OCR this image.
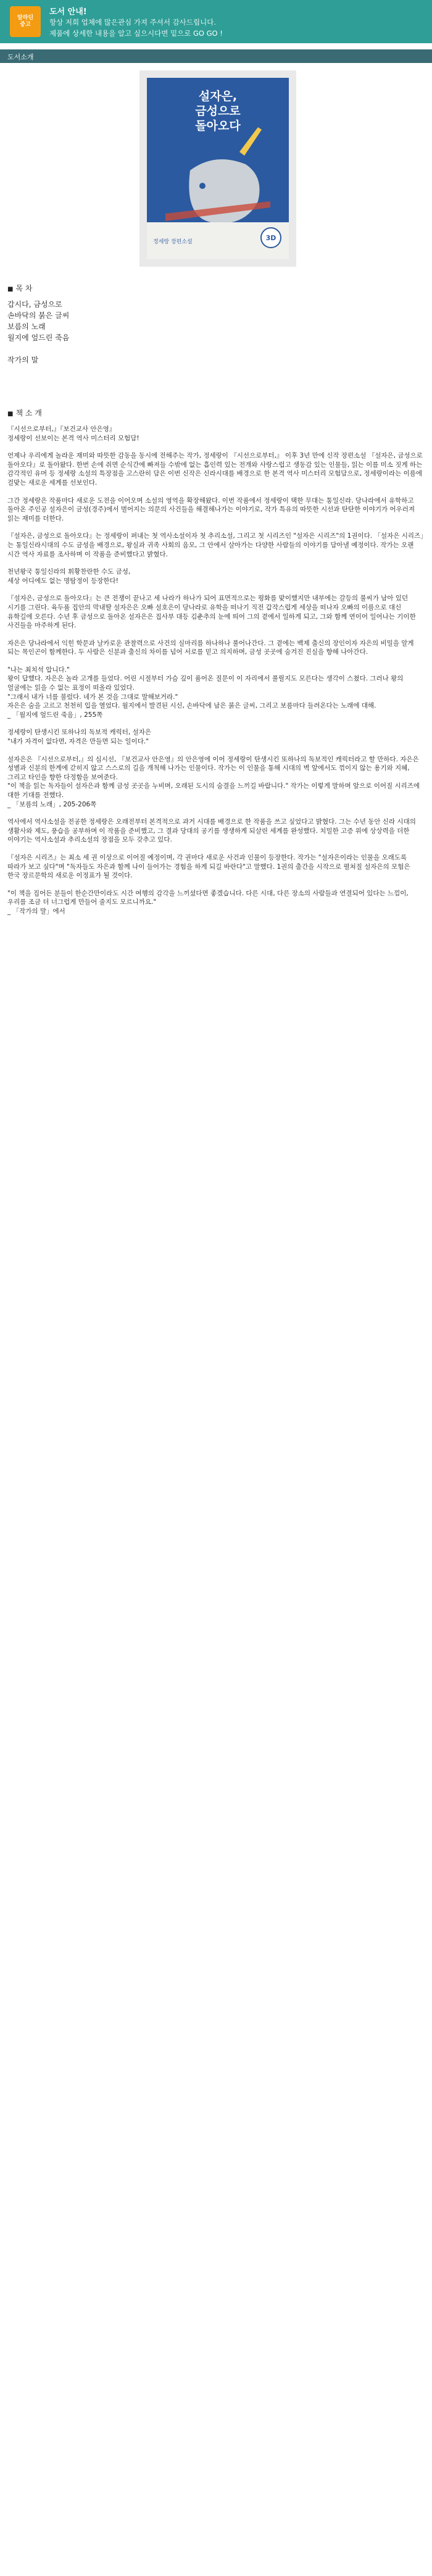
알라딘
중고
도서 안내!
항상 저희 업체에 많은관심 가져 주셔서 감사드립니다.
제품에 상세한 내용을 알고 싶으시다면 밑으로 GO GO !
도서소개
설자은,
금성으로
돌아오다
정세랑 장편소설
3D
■ 목 차
갑시다, 금성으로
손바닥의 붉은 글씨
보름의 노래
월지에 엎드린 죽음

작가의 말
■ 책 소 개

『시선으로부터,』『보건교사 안은영』
정세랑이 선보이는 본격 역사 미스터리 모험담!

언제나 우리에게 놀라운 재미와 따뜻한 감동을 동시에 전해주는 작가, 정세랑이 『시선으로부터,』 이후 3년 만에 신작 장편소설 『설자은, 금성으로 돌아오다』로 돌아왔다. 한번 손에 쥐면 순식간에 빠져들 수밖에 없는 흡인력 있는 전개와 사랑스럽고 생동감 있는 인물들, 읽는 이를 미소 짓게 하는 감각적인 유머 등 정세랑 소설의 특장점을 고스란히 담은 이번 신작은 신라시대를 배경으로 한 본격 역사 미스터리 모험담으로, 정세랑이라는 이름에 걸맞는 새로운 세계를 선보인다.

그간 정세랑은 작품마다 새로운 도전을 이어오며 소설의 영역을 확장해왔다. 이번 작품에서 정세랑이 택한 무대는 통일신라. 당나라에서 유학하고 돌아온 주인공 설자은이 금성(경주)에서 벌어지는 의문의 사건들을 해결해나가는 이야기로, 작가 특유의 따뜻한 시선과 탄탄한 이야기가 어우러져 읽는 재미를 더한다.

『설자은, 금성으로 돌아오다』는 정세랑이 펴내는 첫 역사소설이자 첫 추리소설, 그리고 첫 시리즈인 "설자은 시리즈"의 1권이다. 「설자은 시리즈」는 통일신라시대의 수도 금성을 배경으로, 왕실과 귀족 사회의 음모, 그 안에서 살아가는 다양한 사람들의 이야기를 담아낼 예정이다. 작가는 오랜 시간 역사 자료를 조사하며 이 작품을 준비했다고 밝혔다.

천년왕국 통일신라의 휘황찬란한 수도 금성,
세상 어디에도 없는 명탐정이 등장한다!

『설자은, 금성으로 돌아오다』는 큰 전쟁이 끝나고 세 나라가 하나가 되어 표면적으로는 평화를 맞이했지만 내부에는 갈등의 불씨가 남아 있던 시기를 그린다. 육두품 집안의 막내딸 설자은은 오빠 설호은이 당나라로 유학을 떠나기 직전 갑작스럽게 세상을 떠나자 오빠의 이름으로 대신 유학길에 오른다. 수년 후 금성으로 돌아온 설자은은 집사부 대등 김춘추의 눈에 띄어 그의 곁에서 일하게 되고, 그와 함께 연이어 일어나는 기이한 사건들을 마주하게 된다.

자은은 당나라에서 익힌 학문과 날카로운 관찰력으로 사건의 실마리를 하나하나 풀어나간다. 그 곁에는 백제 출신의 장인이자 자은의 비밀을 알게 되는 목인곤이 함께한다. 두 사람은 신분과 출신의 차이를 넘어 서로를 믿고 의지하며, 금성 곳곳에 숨겨진 진실을 향해 나아간다.

"나는 최치석 압니다."
왕이 답했다. 자은은 놀라 고개를 들었다. 어린 시절부터 가슴 깊이 품어온 질문이 이 자리에서 풀릴지도 모른다는 생각이 스쳤다. 그러나 왕의 얼굴에는 읽을 수 없는 표정이 떠올라 있었다.
"그래서 내가 너를 불렀다. 네가 본 것을 그대로 말해보거라."
자은은 숨을 고르고 천천히 입을 열었다. 월지에서 발견된 시신, 손바닥에 남은 붉은 글씨, 그리고 보름마다 들려온다는 노래에 대해.
_ 「월지에 엎드린 죽음」, 255쪽

정세랑이 탄생시킨 또하나의 독보적 캐릭터, 설자은
"내가 자격이 없다면, 자격은 만들면 되는 일이다."

설자은은 『시선으로부터,』의 심시선, 『보건교사 안은영』의 안은영에 이어 정세랑이 탄생시킨 또하나의 독보적인 캐릭터라고 할 만하다. 자은은 성별과 신분의 한계에 갇히지 않고 스스로의 길을 개척해 나가는 인물이다. 작가는 이 인물을 통해 시대의 벽 앞에서도 꺾이지 않는 용기와 지혜, 그리고 타인을 향한 다정함을 보여준다.
"이 책을 읽는 독자들이 설자은과 함께 금성 곳곳을 누비며, 오래된 도시의 숨결을 느끼길 바랍니다." 작가는 이렇게 말하며 앞으로 이어질 시리즈에 대한 기대를 전했다.
_ 「보름의 노래」, 205-206쪽

역사에서 역사소설을 전공한 정세랑은 오래전부터 본격적으로 과거 시대를 배경으로 한 작품을 쓰고 싶었다고 밝혔다. 그는 수년 동안 신라 시대의 생활사와 제도, 풍습을 공부하며 이 작품을 준비했고, 그 결과 당대의 공기를 생생하게 되살린 세계를 완성했다. 치밀한 고증 위에 상상력을 더한 이야기는 역사소설과 추리소설의 장점을 모두 갖추고 있다.

『설자은 시리즈』는 최소 세 권 이상으로 이어질 예정이며, 각 권마다 새로운 사건과 인물이 등장한다. 작가는 "설자은이라는 인물을 오래도록 따라가 보고 싶다"며 "독자들도 자은과 함께 나이 들어가는 경험을 하게 되길 바란다"고 말했다. 1권의 출간을 시작으로 펼쳐질 설자은의 모험은 한국 장르문학의 새로운 이정표가 될 것이다.

"이 책을 집어든 분들이 한순간만이라도 시간 여행의 감각을 느끼셨다면 좋겠습니다. 다른 시대, 다른 장소의 사람들과 연결되어 있다는 느낌이, 우리를 조금 더 너그럽게 만들어 줄지도 모르니까요."
_ 「작가의 말」에서
